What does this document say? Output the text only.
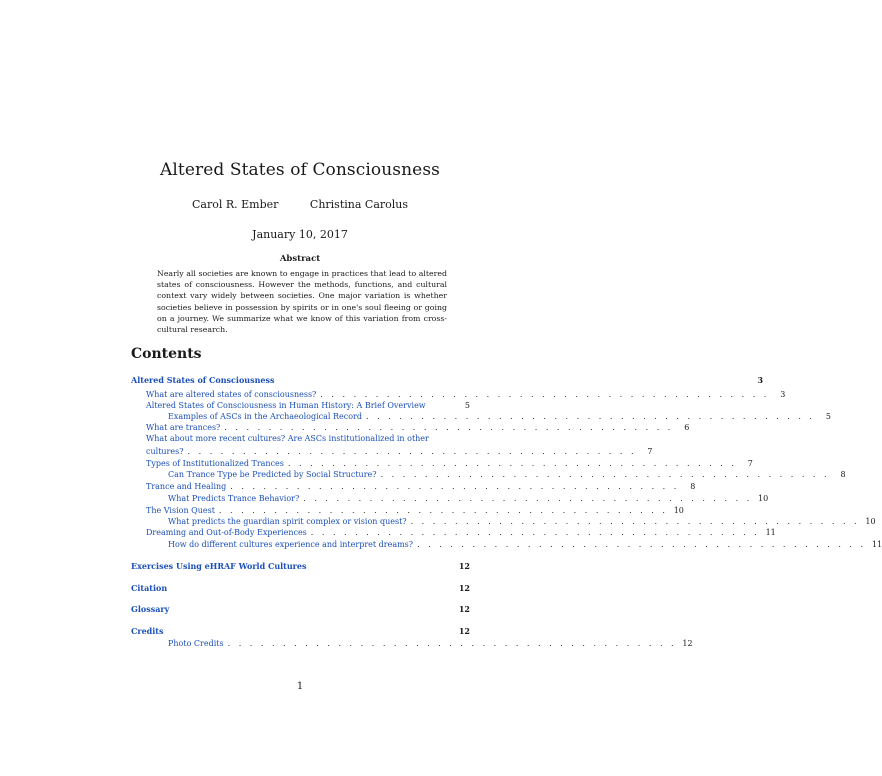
Altered States of Consciousness
Carol R. Ember	Christina Carolus
January 10, 2017
Abstract
Nearly all societies are known to engage in practices that lead to altered states of consciousness. However the methods, functions, and cultural context vary widely between societies. One major variation is whether societies believe in possession by spirits or in one's soul fleeing or going on a journey. We summarize what we know of this variation from cross-cultural research.
Contents
Altered States of Consciousness	3
What are altered states of consciousness? . . . . . . . . . . . . . . . . . . . . . . . . . . . . . . . . . . . . . . . . .	3
Altered States of Consciousness in Human History: A Brief Overview	5
Examples of ASCs in the Archaeological Record . . . . . . . . . . . . . . . . . . . . . . . . . . . . . . . . . . . . . . . . .	5
What are trances? . . . . . . . . . . . . . . . . . . . . . . . . . . . . . . . . . . . . . . . . .	6
What about more recent cultures? Are ASCs institutionalized in other
cultures? . . . . . . . . . . . . . . . . . . . . . . . . . . . . . . . . . . . . . . . . .	7
Types of Institutionalized Trances . . . . . . . . . . . . . . . . . . . . . . . . . . . . . . . . . . . . . . . . .	7
Can Trance Type be Predicted by Social Structure? . . . . . . . . . . . . . . . . . . . . . . . . . . . . . . . . . . . . . . . . .	8
Trance and Healing . . . . . . . . . . . . . . . . . . . . . . . . . . . . . . . . . . . . . . . . .	8
What Predicts Trance Behavior? . . . . . . . . . . . . . . . . . . . . . . . . . . . . . . . . . . . . . . . . . 10
The Vision Quest . . . . . . . . . . . . . . . . . . . . . . . . . . . . . . . . . . . . . . . . . 10
What predicts the guardian spirit complex or vision quest? . . . . . . . . . . . . . . . . . . . . . . . . . . . . . . . . . . . . . . . . . 10
Dreaming and Out-of-Body Experiences . . . . . . . . . . . . . . . . . . . . . . . . . . . . . . . . . . . . . . . . . 11
How do different cultures experience and interpret dreams? . . . . . . . . . . . . . . . . . . . . . . . . . . . . . . . . . . . . . . . . . 11
Exercises Using eHRAF World Cultures	12
Citation	12
Glossary	12
Credits	12
Photo Credits . . . . . . . . . . . . . . . . . . . . . . . . . . . . . . . . . . . . . . . . . 12
1
